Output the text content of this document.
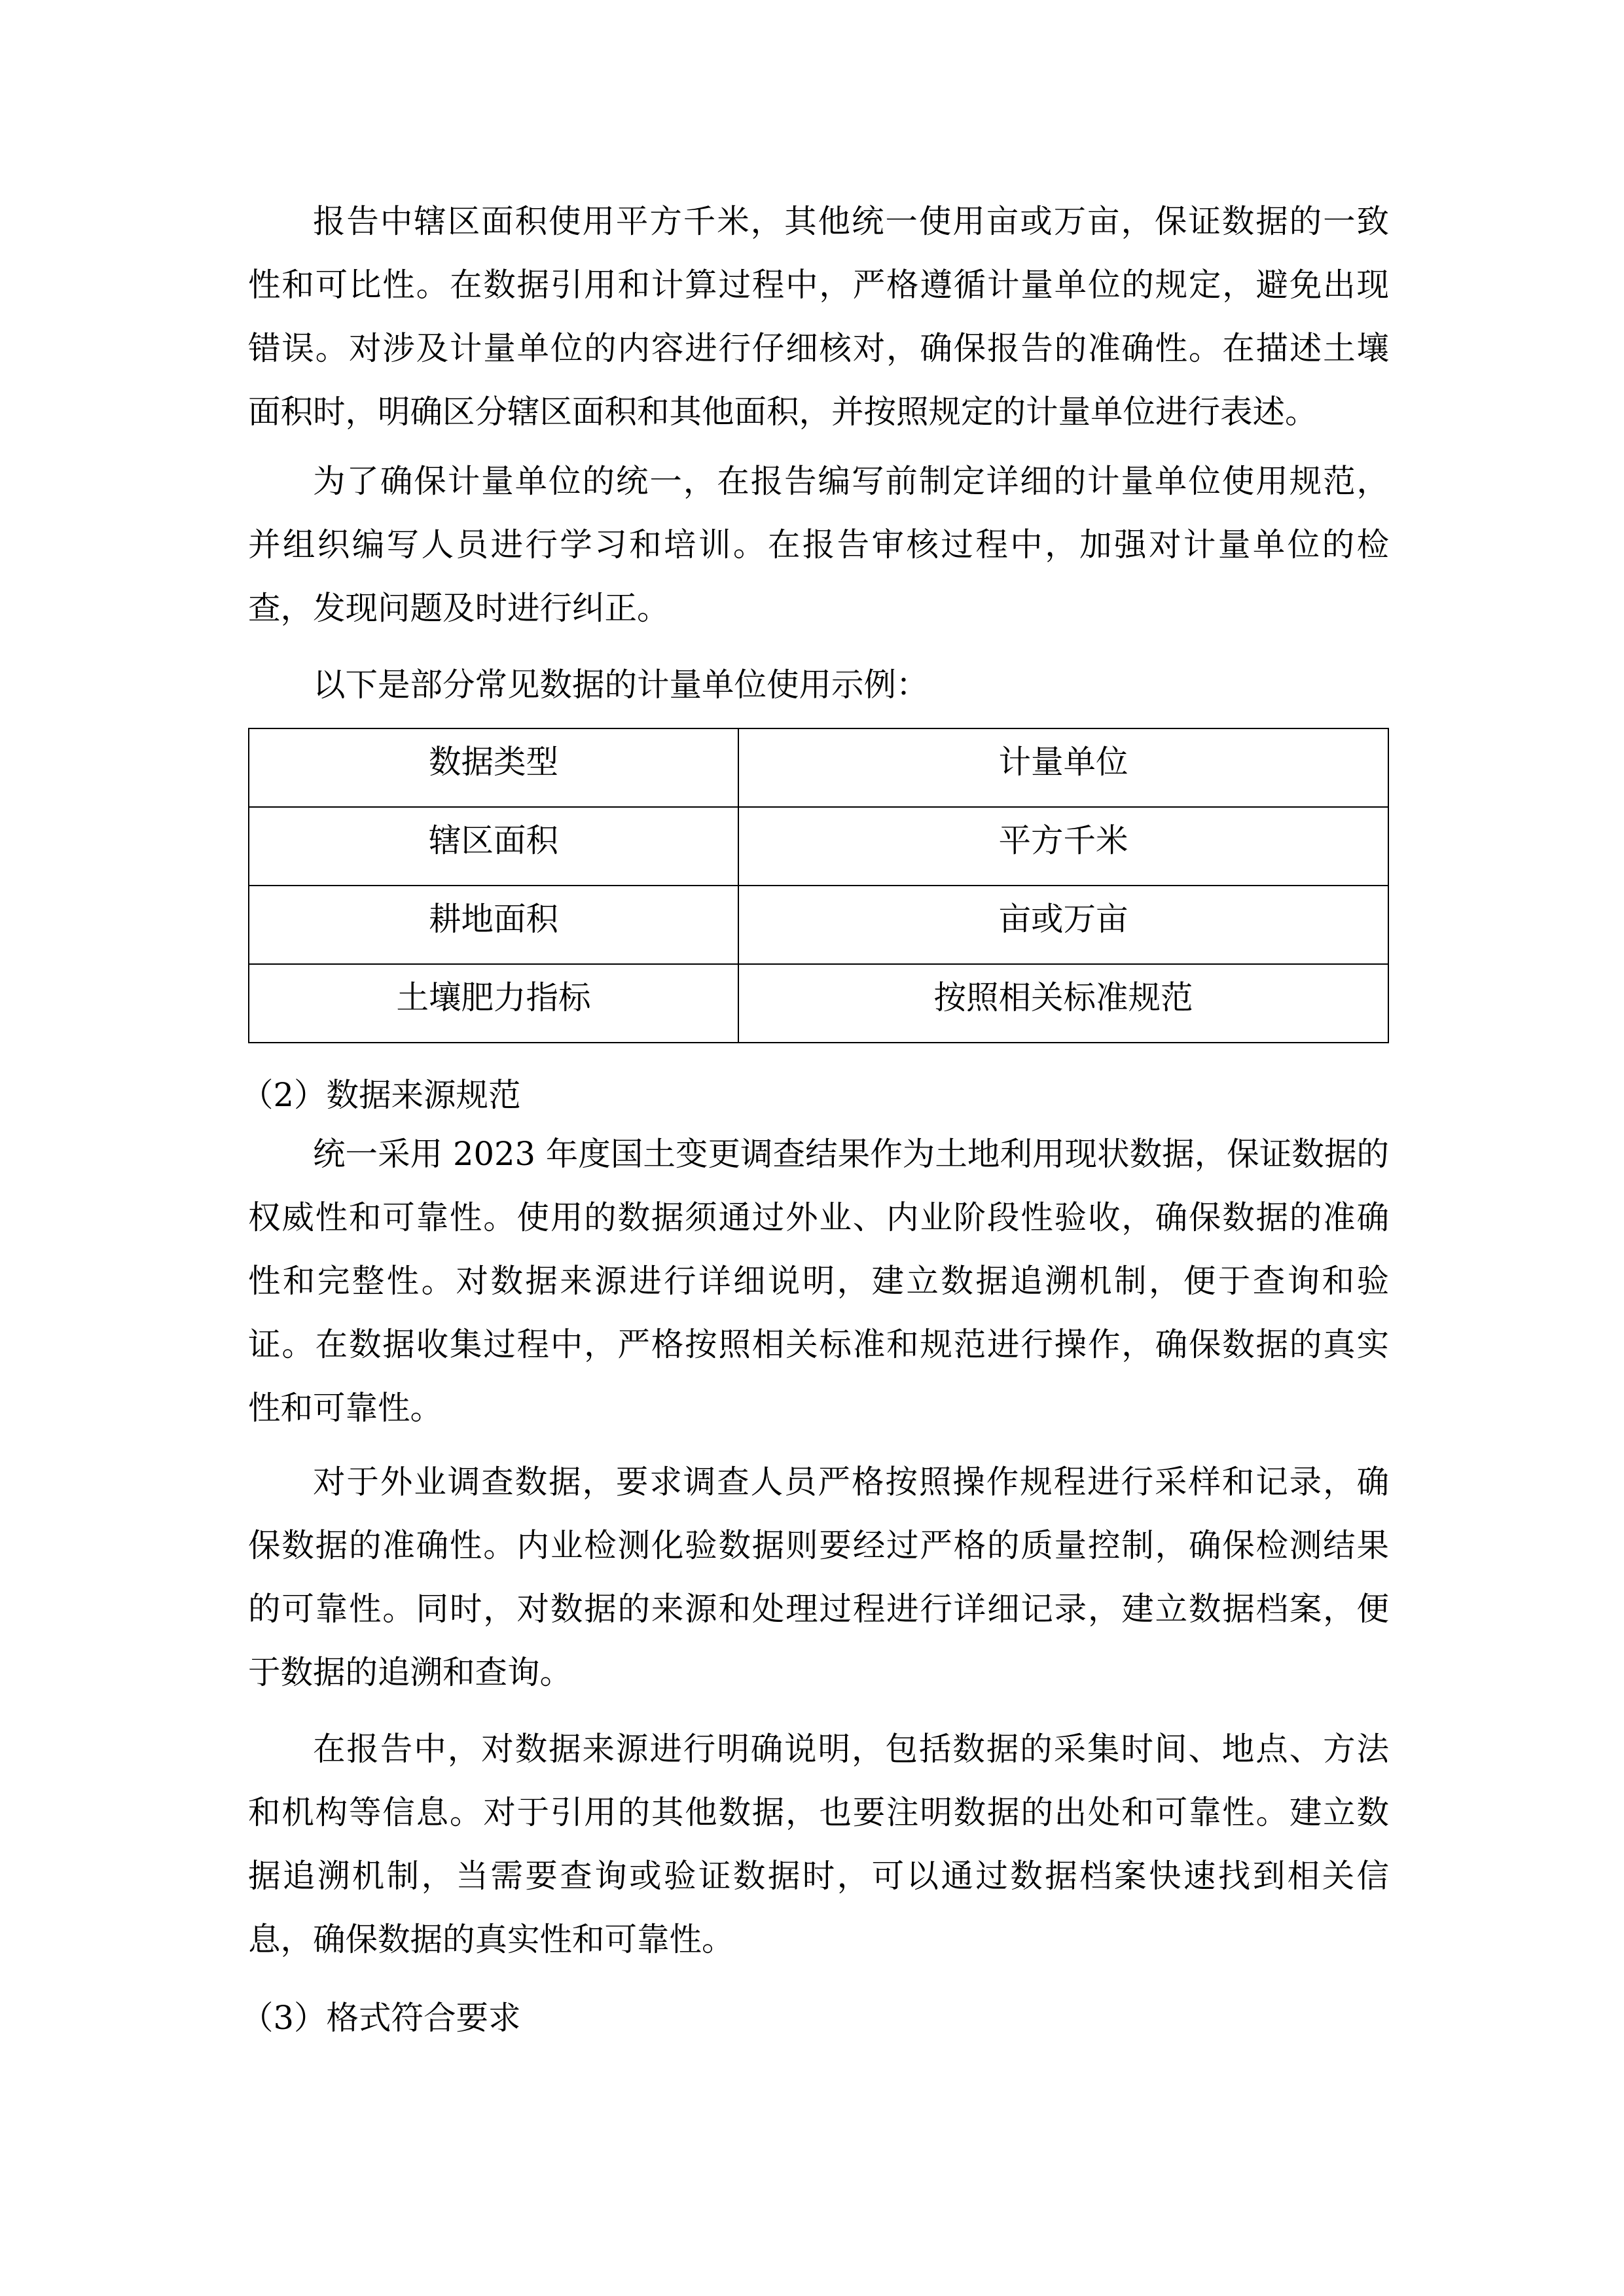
报告中辖区面积使用平方千米，其他统一使用亩或万亩，保证数据的一致
性和可比性。在数据引用和计算过程中，严格遵循计量单位的规定，避免出现
错误。对涉及计量单位的内容进行仔细核对，确保报告的准确性。在描述土壤
面积时，明确区分辖区面积和其他面积，并按照规定的计量单位进行表述。
为了确保计量单位的统一，在报告编写前制定详细的计量单位使用规范，
并组织编写人员进行学习和培训。在报告审核过程中，加强对计量单位的检
查，发现问题及时进行纠正。
以下是部分常见数据的计量单位使用示例：
数据类型	计量单位
辖区面积	平方千米
耕地面积	亩或万亩
土壤肥力指标	按照相关标准规范
（2）数据来源规范
统一采用 2023 年度国土变更调查结果作为土地利用现状数据，保证数据的
权威性和可靠性。使用的数据须通过外业、内业阶段性验收，确保数据的准确
性和完整性。对数据来源进行详细说明，建立数据追溯机制，便于查询和验
证。在数据收集过程中，严格按照相关标准和规范进行操作，确保数据的真实
性和可靠性。
对于外业调查数据，要求调查人员严格按照操作规程进行采样和记录，确
保数据的准确性。内业检测化验数据则要经过严格的质量控制，确保检测结果
的可靠性。同时，对数据的来源和处理过程进行详细记录，建立数据档案，便
于数据的追溯和查询。
在报告中，对数据来源进行明确说明，包括数据的采集时间、地点、方法
和机构等信息。对于引用的其他数据，也要注明数据的出处和可靠性。建立数
据追溯机制，当需要查询或验证数据时，可以通过数据档案快速找到相关信
息，确保数据的真实性和可靠性。
（3）格式符合要求
